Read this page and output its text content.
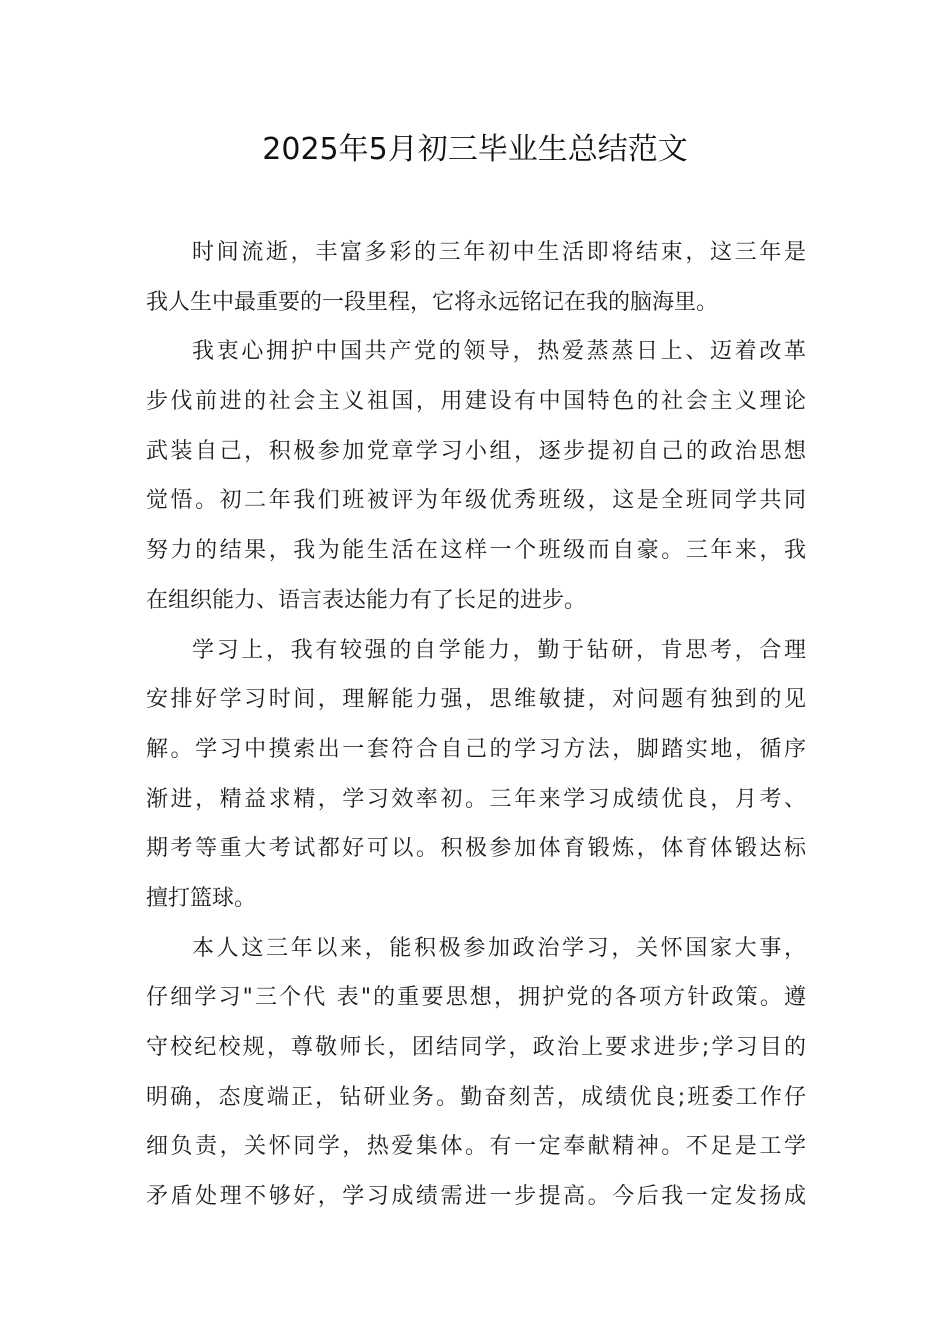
2025年5月初三毕业生总结范文
时间流逝，丰富多彩的三年初中生活即将结束，这三年是
我人生中最重要的一段里程，它将永远铭记在我的脑海里。
我衷心拥护中国共产党的领导，热爱蒸蒸日上、迈着改革
步伐前进的社会主义祖国，用建设有中国特色的社会主义理论
武装自己，积极参加党章学习小组，逐步提初自己的政治思想
觉悟。初二年我们班被评为年级优秀班级，这是全班同学共同
努力的结果，我为能生活在这样一个班级而自豪。三年来，我
在组织能力、语言表达能力有了长足的进步。
学习上，我有较强的自学能力，勤于钻研，肯思考，合理
安排好学习时间，理解能力强，思维敏捷，对问题有独到的见
解。学习中摸索出一套符合自己的学习方法，脚踏实地，循序
渐进，精益求精，学习效率初。三年来学习成绩优良，月考、
期考等重大考试都好可以。积极参加体育锻炼，体育体锻达标
擅打篮球。
本人这三年以来，能积极参加政治学习，关怀国家大事，
仔细学习"三个代 表"的重要思想，拥护党的各项方针政策。遵
守校纪校规，尊敬师长，团结同学，政治上要求进步;学习目的
明确，态度端正，钻研业务。勤奋刻苦，成绩优良;班委工作仔
细负责，关怀同学，热爱集体。有一定奉献精神。不足是工学
矛盾处理不够好，学习成绩需进一步提高。今后我一定发扬成
